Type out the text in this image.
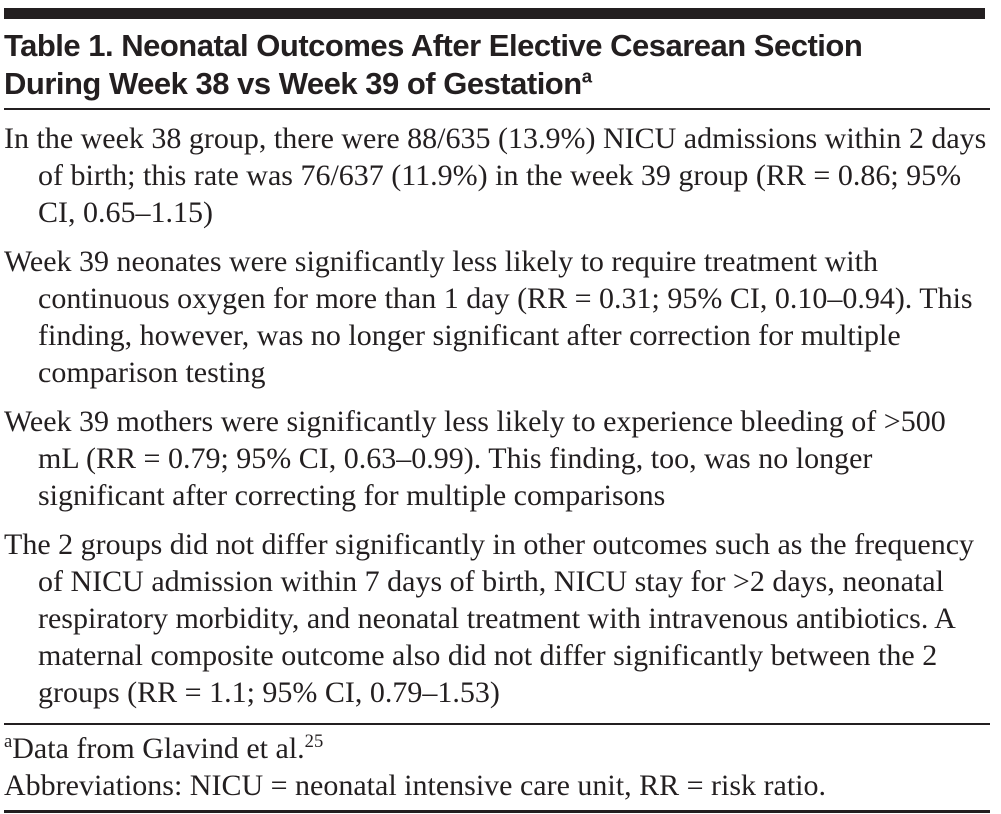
Table 1. Neonatal Outcomes After Elective Cesarean Section
During Week 38 vs Week 39 of Gestation$^a$

In the week 38 group, there were 88/635 (13.9%) NICU admissions within 2 days of birth; this rate was 76/637 (11.9%) in the week 39 group (RR = 0.86; 95% CI, 0.65–1.15)

Week 39 neonates were significantly less likely to require treatment with continuous oxygen for more than 1 day (RR = 0.31; 95% CI, 0.10–0.94). This finding, however, was no longer significant after correction for multiple comparison testing

Week 39 mothers were significantly less likely to experience bleeding of >500 mL (RR = 0.79; 95% CI, 0.63–0.99). This finding, too, was no longer significant after correcting for multiple comparisons

The 2 groups did not differ significantly in other outcomes such as the frequency of NICU admission within 7 days of birth, NICU stay for >2 days, neonatal respiratory morbidity, and neonatal treatment with intravenous antibiotics. A maternal composite outcome also did not differ significantly between the 2 groups (RR = 1.1; 95% CI, 0.79–1.53)

$^a$Data from Glavind et al.$^{25}$

Abbreviations: NICU = neonatal intensive care unit, RR = risk ratio.
